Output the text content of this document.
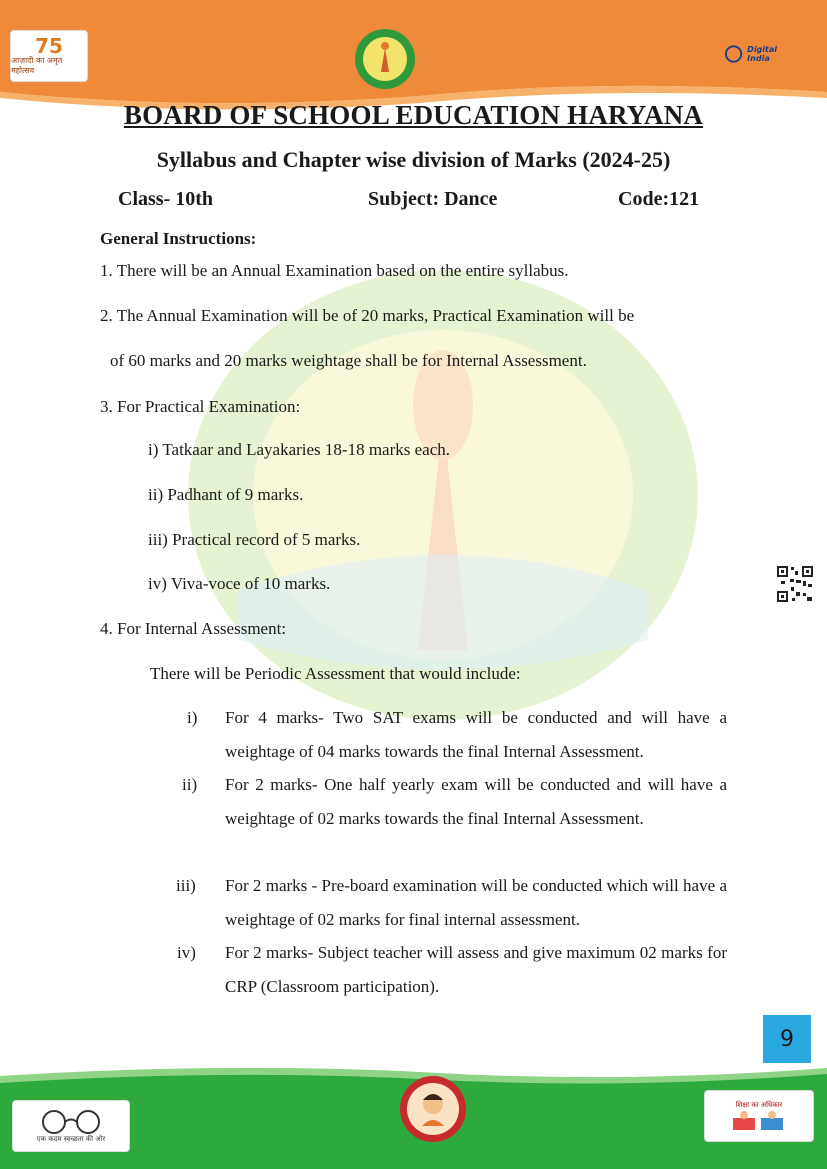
75
आज़ादी का अमृत महोत्सव
Digital India
BOARD OF SCHOOL EDUCATION HARYANA
Syllabus and Chapter wise division of Marks (2024-25)
Class- 10th	Subject: Dance	Code:121
General Instructions:
1. There will be an Annual Examination based on the entire syllabus.
2. The Annual Examination will be of 20 marks, Practical Examination will be
of 60 marks and 20 marks weightage shall be for Internal Assessment.
3. For Practical Examination:
i) Tatkaar and Layakaries 18-18 marks each.
ii) Padhant of 9 marks.
iii) Practical record of 5 marks.
iv) Viva-voce of 10 marks.
4. For Internal Assessment:
There will be Periodic Assessment that would include:
i) For 4 marks- Two SAT exams will be conducted and will have a weightage of 04 marks towards the final Internal Assessment.
ii) For 2 marks- One half yearly exam will be conducted and will have a weightage of 02 marks towards the final Internal Assessment.
iii) For 2 marks - Pre-board examination will be conducted which will have a weightage of 02 marks for final internal assessment.
iv) For 2 marks- Subject teacher will assess and give maximum 02 marks for CRP (Classroom participation).
9
एक कदम स्वच्छता की ओर
शिक्षा का अधिकार
